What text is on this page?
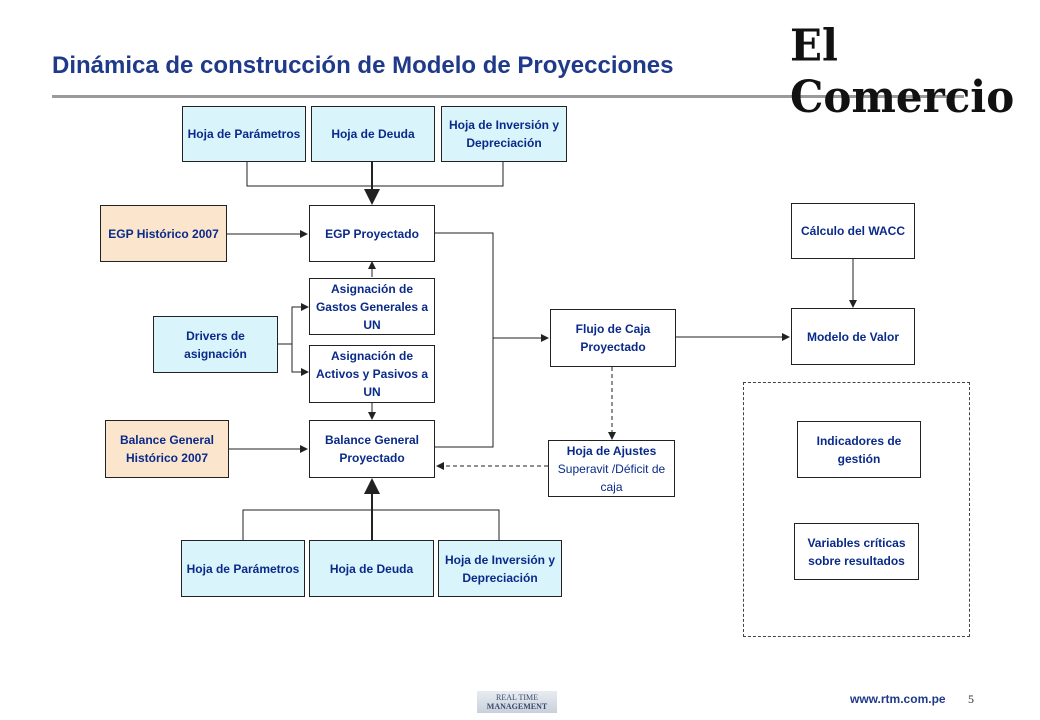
Dinámica de construcción de Modelo de Proyecciones	El Comercio
Hoja de Parámetros	Hoja de Deuda
Hoja de Inversión y Depreciación
EGP Histórico 2007	EGP Proyectado
Asignación de Gastos Generales a UN
Drivers de asignación	Asignación de Activos y Pasivos a UN
Balance General Histórico 2007
Balance General Proyectado
Flujo de Caja Proyectado
Hoja de Ajustes
Superavit /Déficit de caja
Cálculo del WACC
Modelo de Valor
Indicadores de gestión
Variables críticas sobre resultados
Hoja de Parámetros	Hoja de Deuda
Hoja de Inversión y Depreciación
REAL TIME
MANAGEMENT
www.rtm.com.pe 5
